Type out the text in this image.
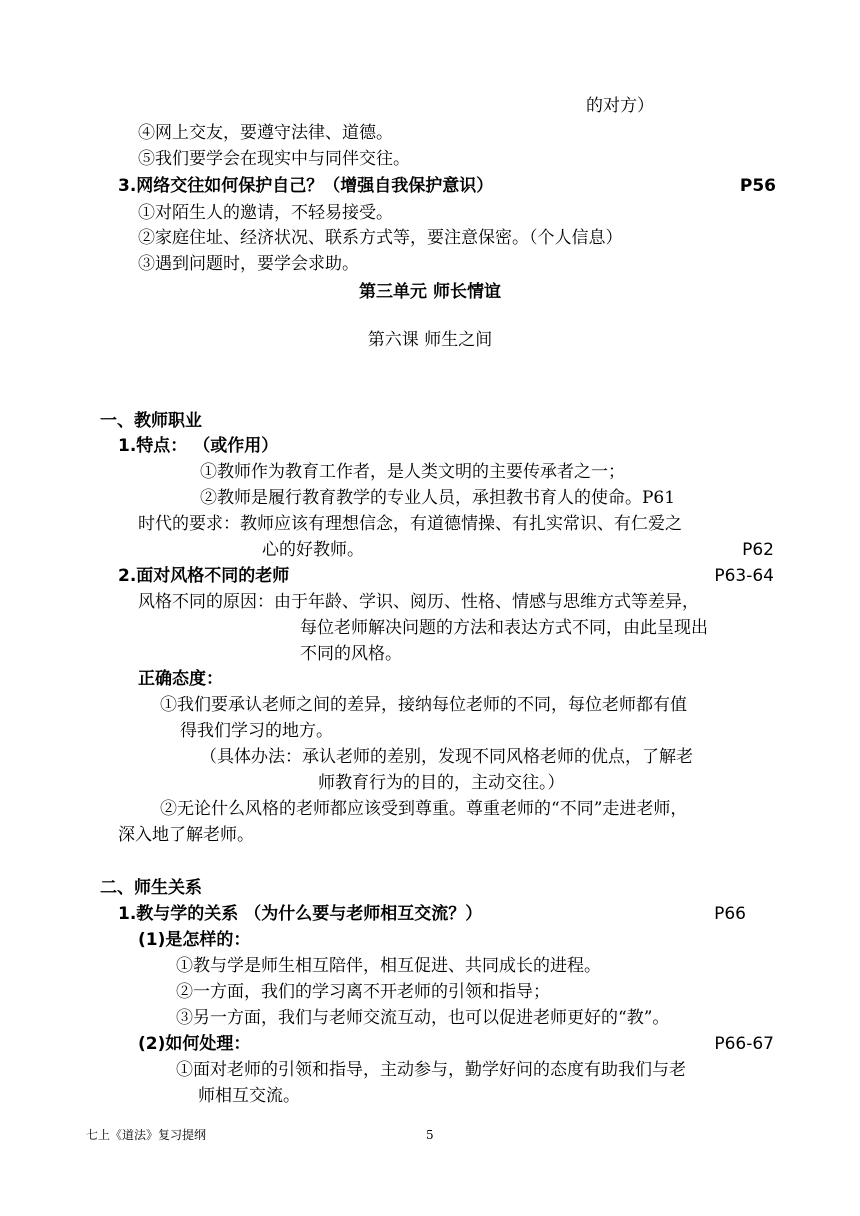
的对方）
④网上交友，要遵守法律、道德。
⑤我们要学会在现实中与同伴交往。
3.网络交往如何保护自己？（增强自我保护意识）	P56
①对陌生人的邀请，不轻易接受。
②家庭住址、经济状况、联系方式等，要注意保密。（个人信息）
③遇到问题时，要学会求助。
第三单元 师长情谊
第六课 师生之间
一、教师职业
1.特点： （或作用）
①教师作为教育工作者，是人类文明的主要传承者之一；
②教师是履行教育教学的专业人员，承担教书育人的使命。P61
时代的要求：教师应该有理想信念，有道德情操、有扎实常识、有仁爱之
心的好教师。	P62
2.面对风格不同的老师	P63-64
风格不同的原因：由于年龄、学识、阅历、性格、情感与思维方式等差异，
每位老师解决问题的方法和表达方式不同，由此呈现出
不同的风格。
正确态度：
①我们要承认老师之间的差异，接纳每位老师的不同，每位老师都有值
得我们学习的地方。
（具体办法：承认老师的差别，发现不同风格老师的优点，了解老
师教育行为的目的，主动交往。）
②无论什么风格的老师都应该受到尊重。尊重老师的“不同”走进老师，
深入地了解老师。
二、师生关系
1.教与学的关系 （为什么要与老师相互交流？）	P66
(1)是怎样的：
①教与学是师生相互陪伴，相互促进、共同成长的进程。
②一方面，我们的学习离不开老师的引领和指导；
③另一方面，我们与老师交流互动，也可以促进老师更好的“教”。
(2)如何处理：	P66-67
①面对老师的引领和指导，主动参与，勤学好问的态度有助我们与老
师相互交流。
七上《道法》复习提纲	5
